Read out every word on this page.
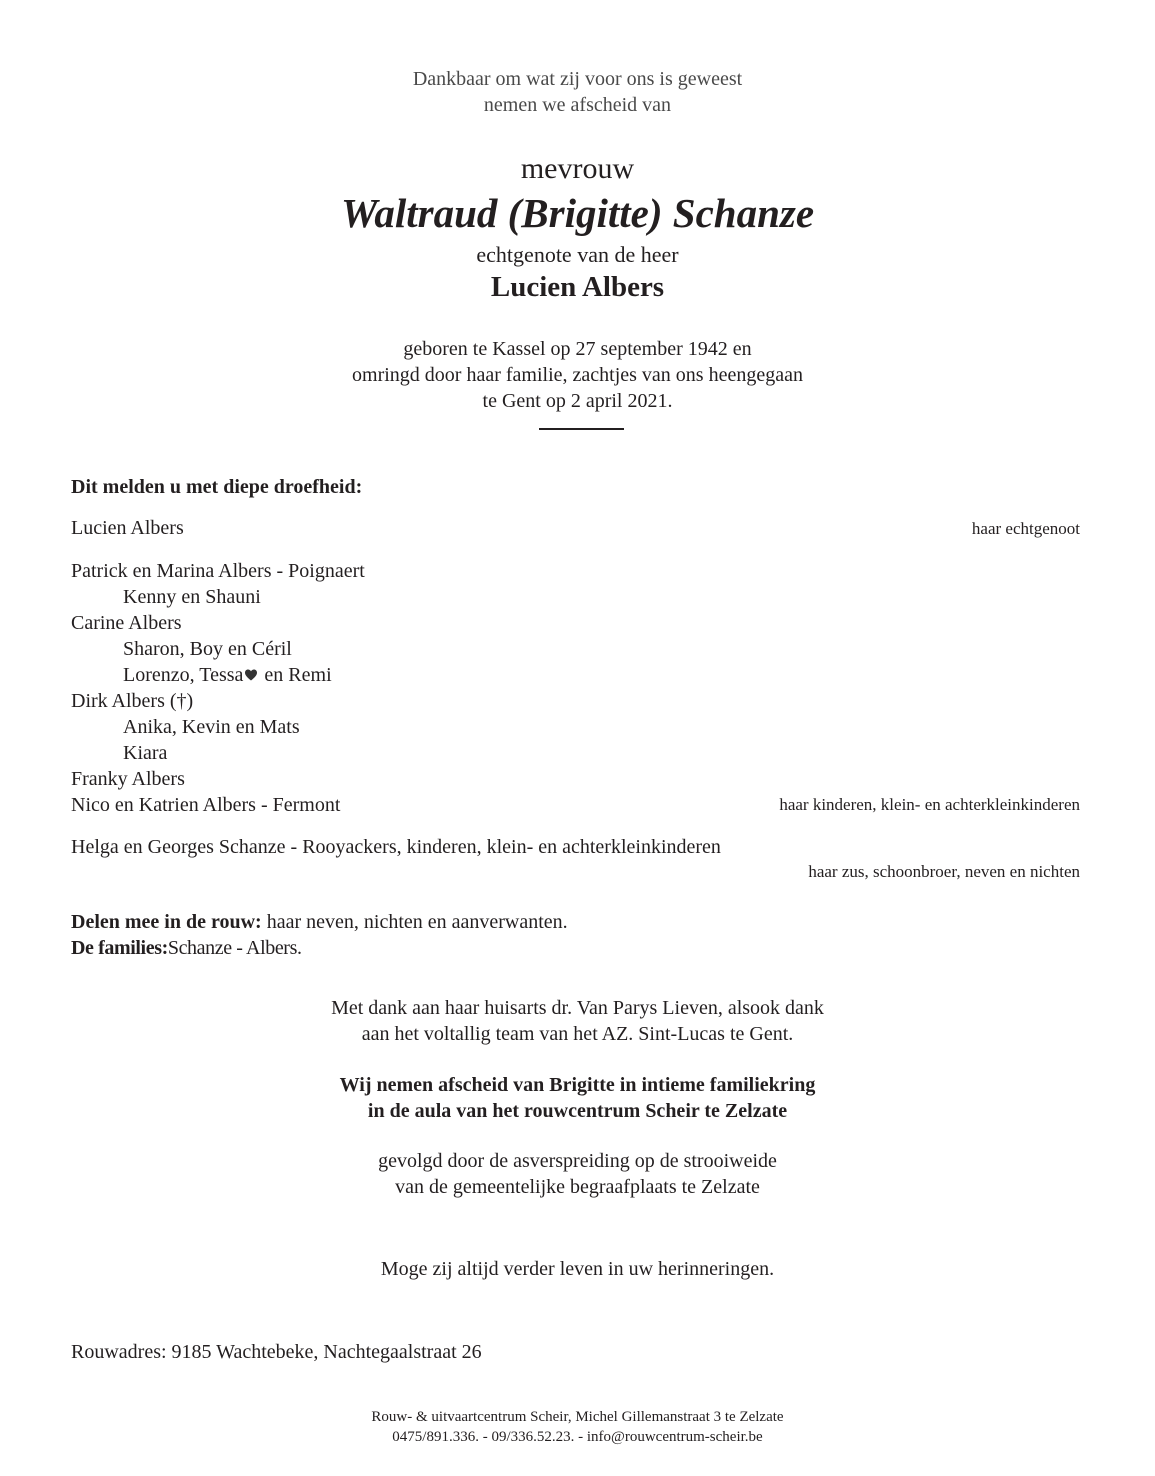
Dankbaar om wat zij voor ons is geweest
nemen we afscheid van
mevrouw
Waltraud (Brigitte) Schanze
echtgenote van de heer
Lucien Albers
geboren te Kassel op 27 september 1942 en
omringd door haar familie, zachtjes van ons heengegaan
te Gent op 2 april 2021.
Dit melden u met diepe droefheid:
Lucien Albers	haar echtgenoot
Patrick en Marina Albers - Poignaert
Kenny en Shauni
Carine Albers
Sharon, Boy en Céril
Lorenzo, Tessa en Remi
Dirk Albers (†)
Anika, Kevin en Mats
Kiara
Franky Albers
Nico en Katrien Albers - Fermont	haar kinderen, klein- en achterkleinkinderen
Helga en Georges Schanze - Rooyackers, kinderen, klein- en achterkleinkinderen
haar zus, schoonbroer, neven en nichten
Delen mee in de rouw: haar neven, nichten en aanverwanten.
De families:Schanze - Albers.
Met dank aan haar huisarts dr. Van Parys Lieven, alsook dank
aan het voltallig team van het AZ. Sint-Lucas te Gent.
Wij nemen afscheid van Brigitte in intieme familiekring
in de aula van het rouwcentrum Scheir te Zelzate
gevolgd door de asverspreiding op de strooiweide
van de gemeentelijke begraafplaats te Zelzate
Moge zij altijd verder leven in uw herinneringen.
Rouwadres: 9185 Wachtebeke, Nachtegaalstraat 26
Rouw- & uitvaartcentrum Scheir, Michel Gillemanstraat 3 te Zelzate
0475/891.336. - 09/336.52.23. - info@rouwcentrum-scheir.be
